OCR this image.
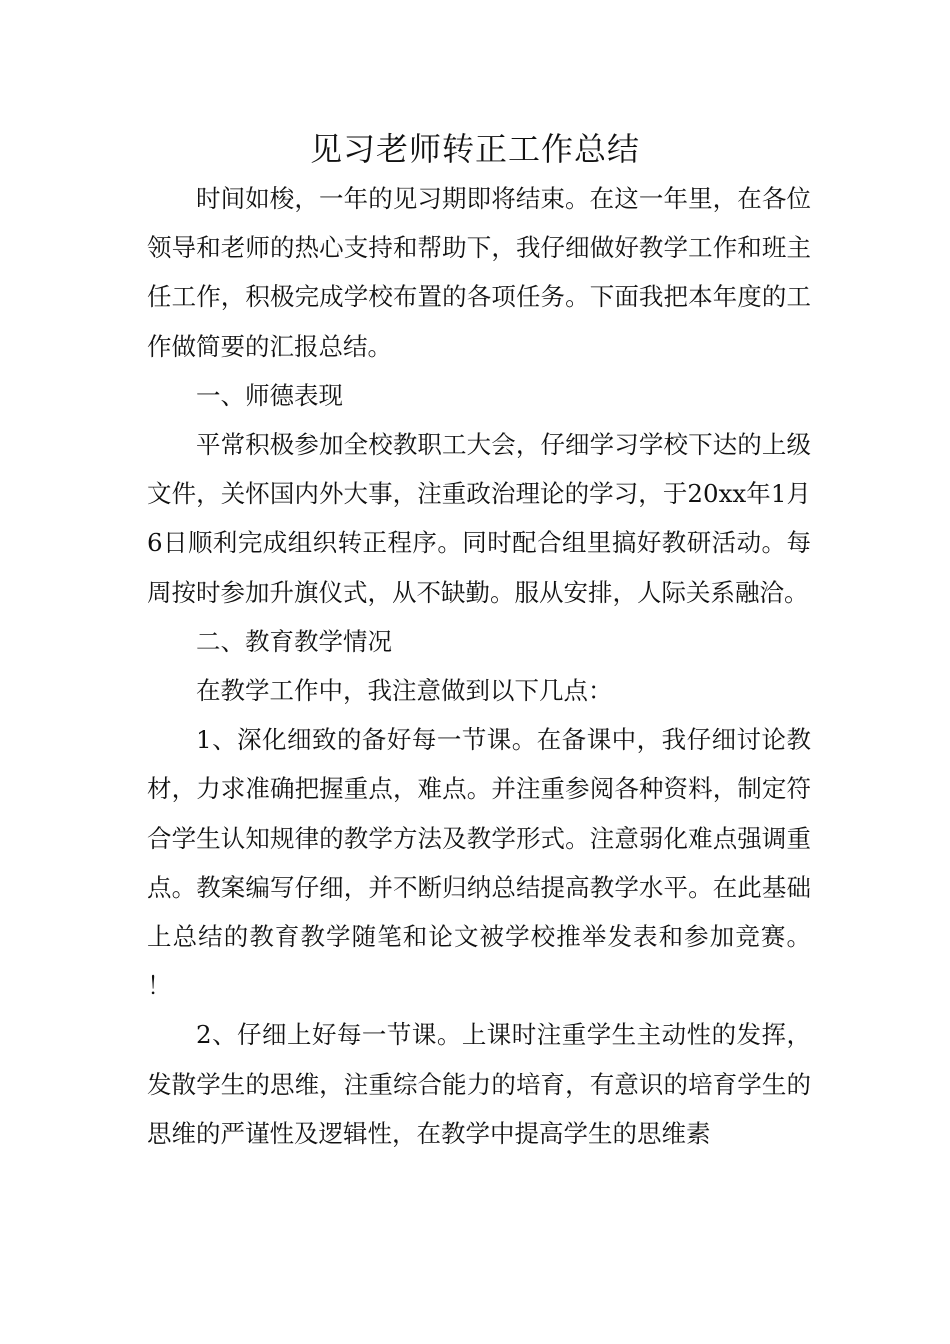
见习老师转正工作总结

时间如梭，一年的见习期即将结束。在这一年里，在各位领导和老师的热心支持和帮助下，我仔细做好教学工作和班主任工作，积极完成学校布置的各项任务。下面我把本年度的工作做简要的汇报总结。

一、师德表现

平常积极参加全校教职工大会，仔细学习学校下达的上级文件，关怀国内外大事，注重政治理论的学习，于20xx年1月6日顺利完成组织转正程序。同时配合组里搞好教研活动。每周按时参加升旗仪式，从不缺勤。服从安排，人际关系融洽。

二、教育教学情况

在教学工作中，我注意做到以下几点：

1、深化细致的备好每一节课。在备课中，我仔细讨论教材，力求准确把握重点，难点。并注重参阅各种资料，制定符合学生认知规律的教学方法及教学形式。注意弱化难点强调重点。教案编写仔细，并不断归纳总结提高教学水平。在此基础上总结的教育教学随笔和论文被学校推举发表和参加竞赛。 ！

2、仔细上好每一节课。上课时注重学生主动性的发挥，发散学生的思维，注重综合能力的培育，有意识的培育学生的思维的严谨性及逻辑性，在教学中提高学生的思维素
